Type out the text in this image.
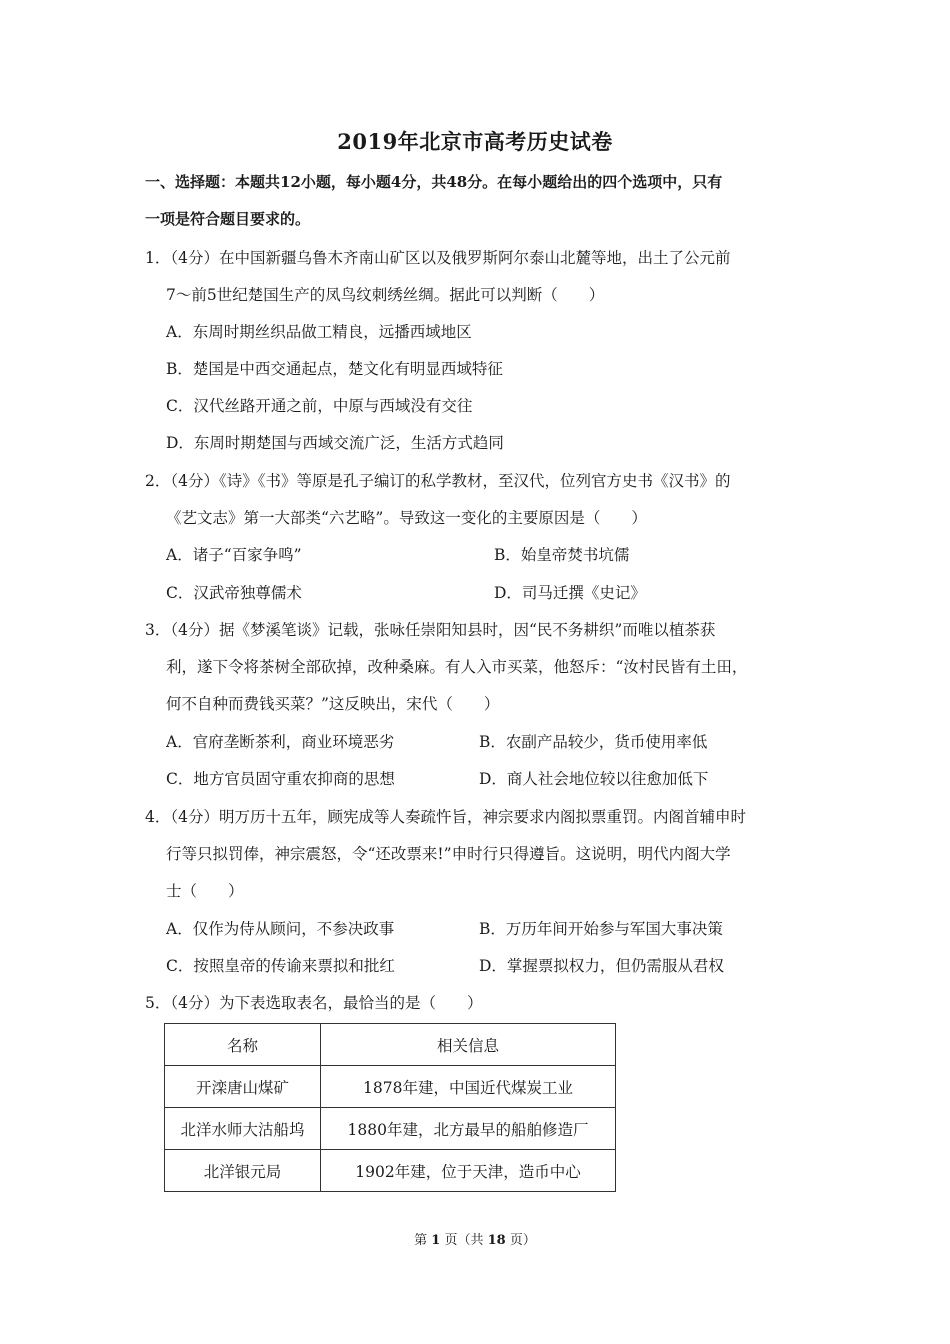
2019年北京市高考历史试卷
一、选择题：本题共12小题，每小题4分，共48分。在每小题给出的四个选项中，只有
一项是符合题目要求的。
1．（4分）在中国新疆乌鲁木齐南山矿区以及俄罗斯阿尔泰山北麓等地，出土了公元前
7～前5世纪楚国生产的凤鸟纹刺绣丝绸。据此可以判断（　　）
A．东周时期丝织品做工精良，远播西域地区
B．楚国是中西交通起点，楚文化有明显西域特征
C．汉代丝路开通之前，中原与西域没有交往
D．东周时期楚国与西域交流广泛，生活方式趋同
2．（4分）《诗》《书》等原是孔子编订的私学教材，至汉代，位列官方史书《汉书》的
《艺文志》第一大部类“六艺略”。导致这一变化的主要原因是（　　）
A．诸子“百家争鸣”	B．始皇帝焚书坑儒
C．汉武帝独尊儒术	D．司马迁撰《史记》
3．（4分）据《梦溪笔谈》记载，张咏任崇阳知县时，因“民不务耕织”而唯以植茶获
利，遂下令将茶树全部砍掉，改种桑麻。有人入市买菜，他怒斥：“汝村民皆有土田，
何不自种而费钱买菜？”这反映出，宋代（　　）
A．官府垄断茶利，商业环境恶劣	B．农副产品较少，货币使用率低
C．地方官员固守重农抑商的思想	D．商人社会地位较以往愈加低下
4．（4分）明万历十五年，顾宪成等人奏疏忤旨，神宗要求内阁拟票重罚。内阁首辅申时
行等只拟罚俸，神宗震怒，令“还改票来!”申时行只得遵旨。这说明，明代内阁大学
士（　　）
A．仅作为侍从顾问，不参决政事	B．万历年间开始参与军国大事决策
C．按照皇帝的传谕来票拟和批红	D．掌握票拟权力，但仍需服从君权
5．（4分）为下表选取表名，最恰当的是（　　）
名称	相关信息
开滦唐山煤矿	1878年建，中国近代煤炭工业
北洋水师大沽船坞	1880年建，北方最早的船舶修造厂
北洋银元局	1902年建，位于天津，造币中心
第 1 页（共 18 页）
